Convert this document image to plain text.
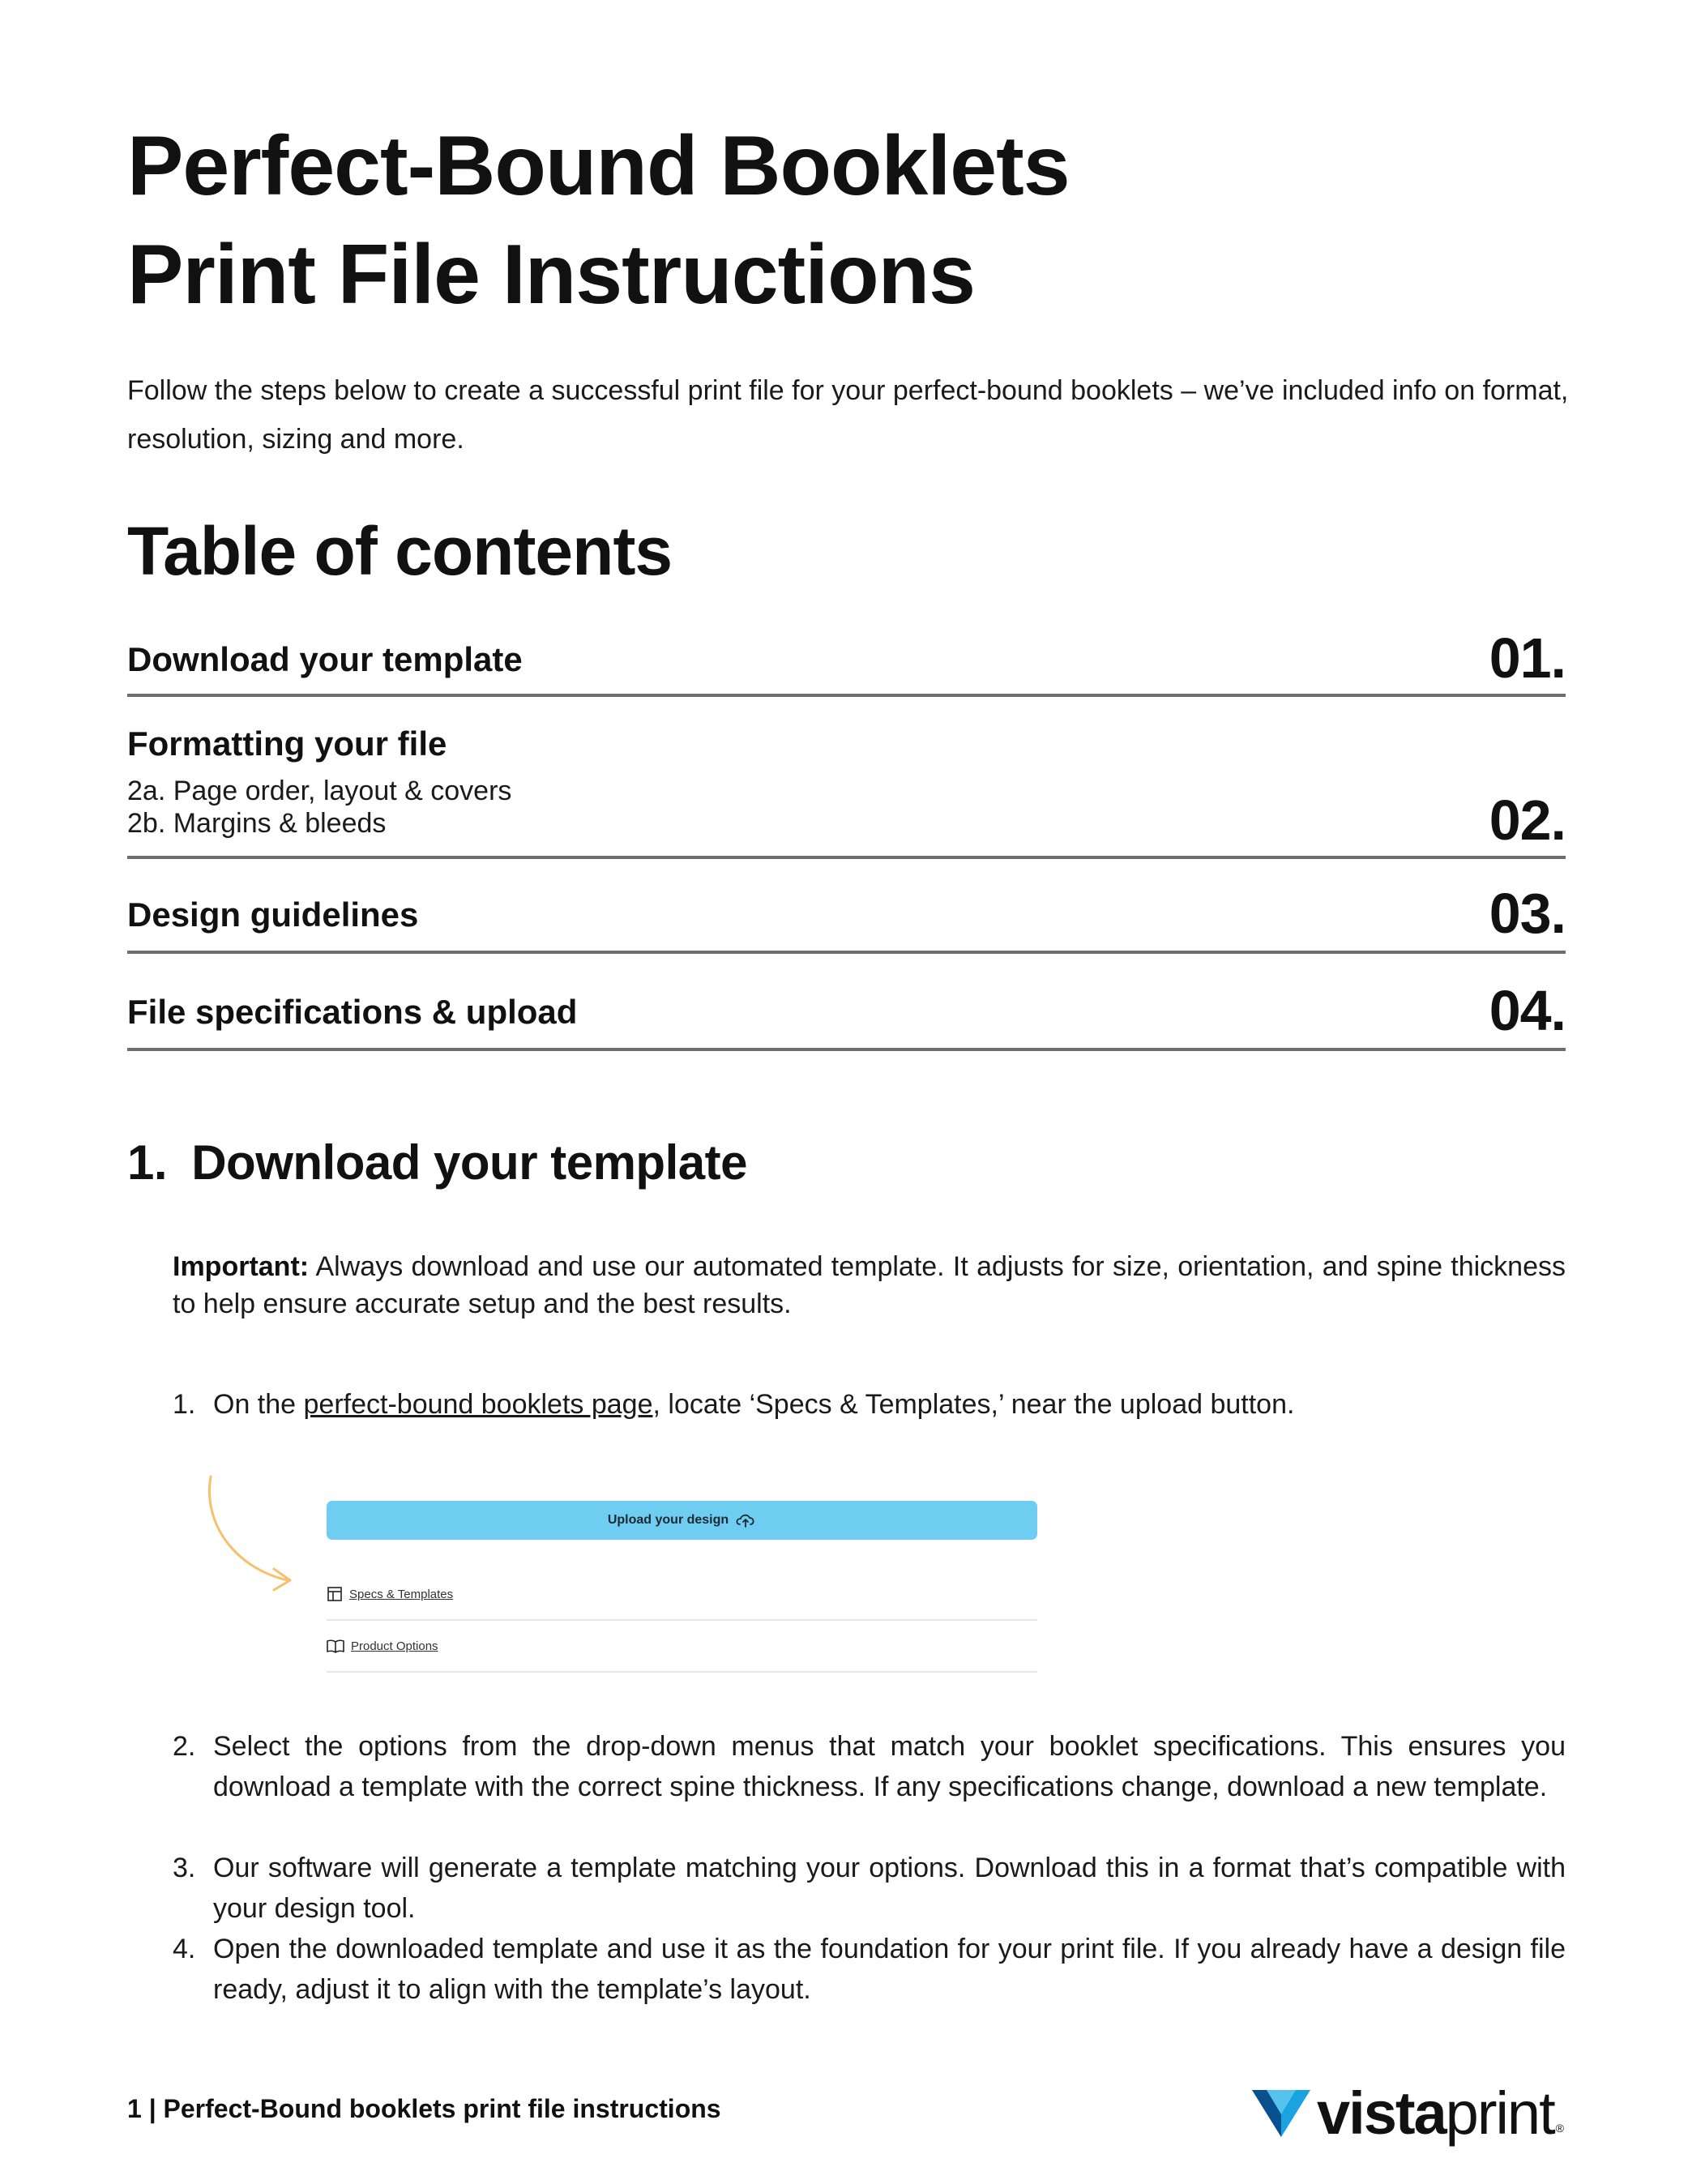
Perfect-Bound Booklets
Print File Instructions
Follow the steps below to create a successful print file for your perfect-bound booklets – we’ve included info on format, resolution, sizing and more.
Table of contents
Download your template	01.
Formatting your file
2a. Page order, layout & covers
2b. Margins & bleeds	02.
Design guidelines	03.
File specifications & upload	04.
1. Download your template
Important: Always download and use our automated template. It adjusts for size, orientation, and spine thickness to help ensure accurate setup and the best results.
1. On the perfect-bound booklets page, locate ‘Specs & Templates,’ near the upload button.
Upload your design
Specs & Templates
Product Options
2. Select the options from the drop-down menus that match your booklet specifications. This ensures you download a template with the correct spine thickness. If any specifications change, download a new template.
3. Our software will generate a template matching your options. Download this in a format that’s compatible with your design tool.
4. Open the downloaded template and use it as the foundation for your print file. If you already have a design file ready, adjust it to align with the template’s layout.
1 | Perfect-Bound booklets print file instructions	vistaprint ®
